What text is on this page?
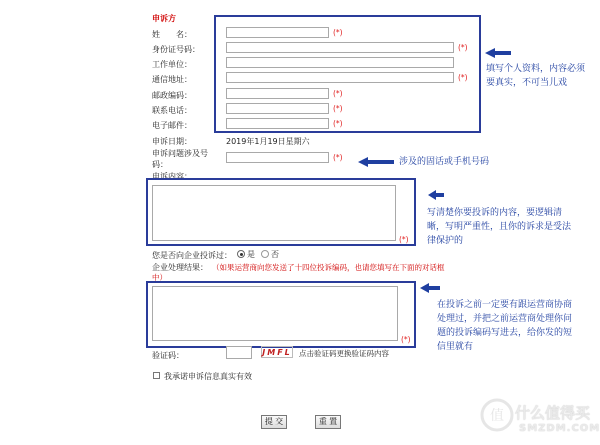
申诉方
姓　　名：	(*)
身份证号码：	(*)
工作单位：
通信地址：	(*)
邮政编码：	(*)
联系电话：	(*)
电子邮件：	(*)
填写个人资料，内容必须
要真实，不可当儿戏
申诉日期：	2019年1月19日星期六
申诉问题涉及号
码：
(*)	涉及的固话或手机号码
申诉内容：
(*)
写清楚你要投诉的内容，要逻辑清
晰，写明严重性，且你的诉求是受法
律保护的
您是否向企业投诉过： 是 否
企业处理结果： （如果运营商向您发送了十四位投诉编码，也请您填写在下面的对话框
中）
(*)
在投诉之前一定要有跟运营商协商
处理过，并把之前运营商处理你问
题的投诉编码写进去，给你发的短
信里就有
验证码：	JMFL 点击验证码更换验证码内容
我承诺申诉信息真实有效
提 交	重 置	值 什么值得买
SMZDM.COM
